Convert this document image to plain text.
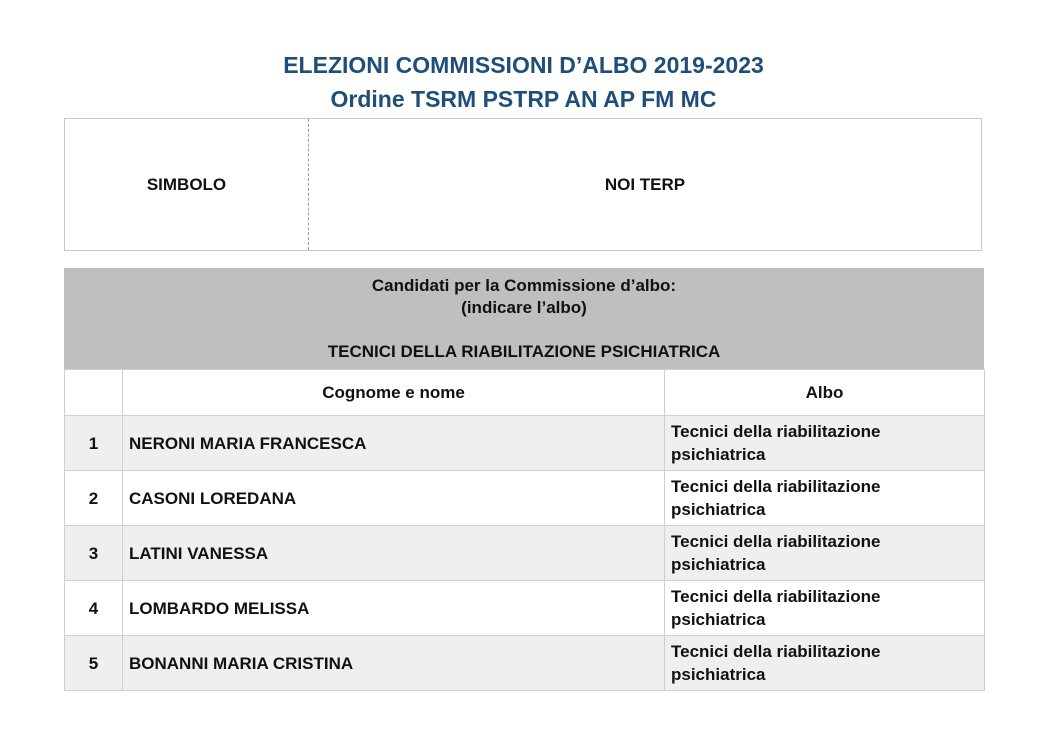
ELEZIONI COMMISSIONI D’ALBO 2019-2023
Ordine TSRM PSTRP AN AP FM MC
SIMBOLO	NOI TERP
Candidati per la Commissione d’albo:
(indicare l’albo)
TECNICI DELLA RIABILITAZIONE PSICHIATRICA
	Cognome e nome	Albo
1	NERONI MARIA FRANCESCA	Tecnici della riabilitazione psichiatrica
2	CASONI LOREDANA	Tecnici della riabilitazione psichiatrica
3	LATINI VANESSA	Tecnici della riabilitazione psichiatrica
4	LOMBARDO MELISSA	Tecnici della riabilitazione psichiatrica
5	BONANNI MARIA CRISTINA	Tecnici della riabilitazione psichiatrica
